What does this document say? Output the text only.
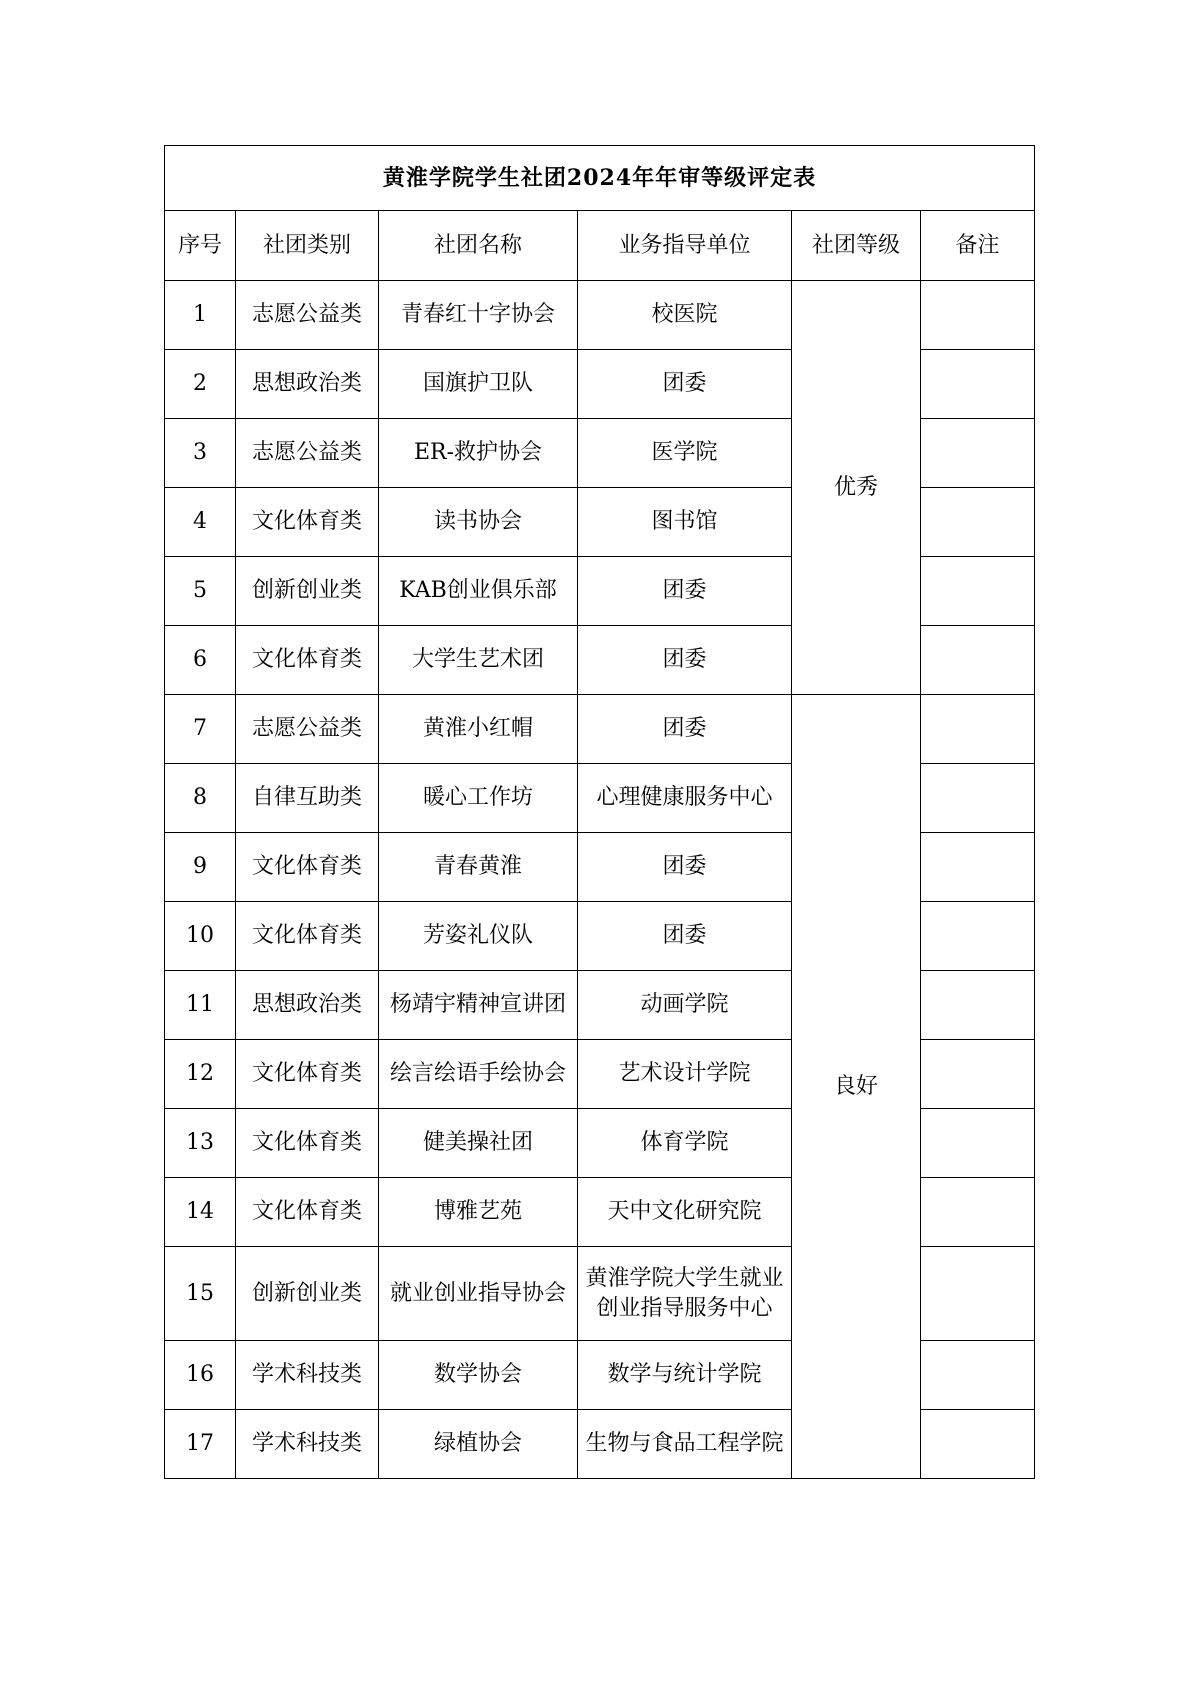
黄淮学院学生社团2024年年审等级评定表					
序号	社团类别	社团名称	业务指导单位	社团等级	备注
1	志愿公益类	青春红十字协会	校医院	优秀	
2	思想政治类	国旗护卫队	团委		
3	志愿公益类	ER-救护协会	医学院		
4	文化体育类	读书协会	图书馆		
5	创新创业类	KAB创业俱乐部	团委		
6	文化体育类	大学生艺术团	团委		
7	志愿公益类	黄淮小红帽	团委	良好	
8	自律互助类	暖心工作坊	心理健康服务中心		
9	文化体育类	青春黄淮	团委		
10	文化体育类	芳姿礼仪队	团委		
11	思想政治类	杨靖宇精神宣讲团	动画学院		
12	文化体育类	绘言绘语手绘协会	艺术设计学院		
13	文化体育类	健美操社团	体育学院		
14	文化体育类	博雅艺苑	天中文化研究院		
15	创新创业类	就业创业指导协会	黄淮学院大学生就业创业指导服务中心		
16	学术科技类	数学协会	数学与统计学院		
17	学术科技类	绿植协会	生物与食品工程学院		
